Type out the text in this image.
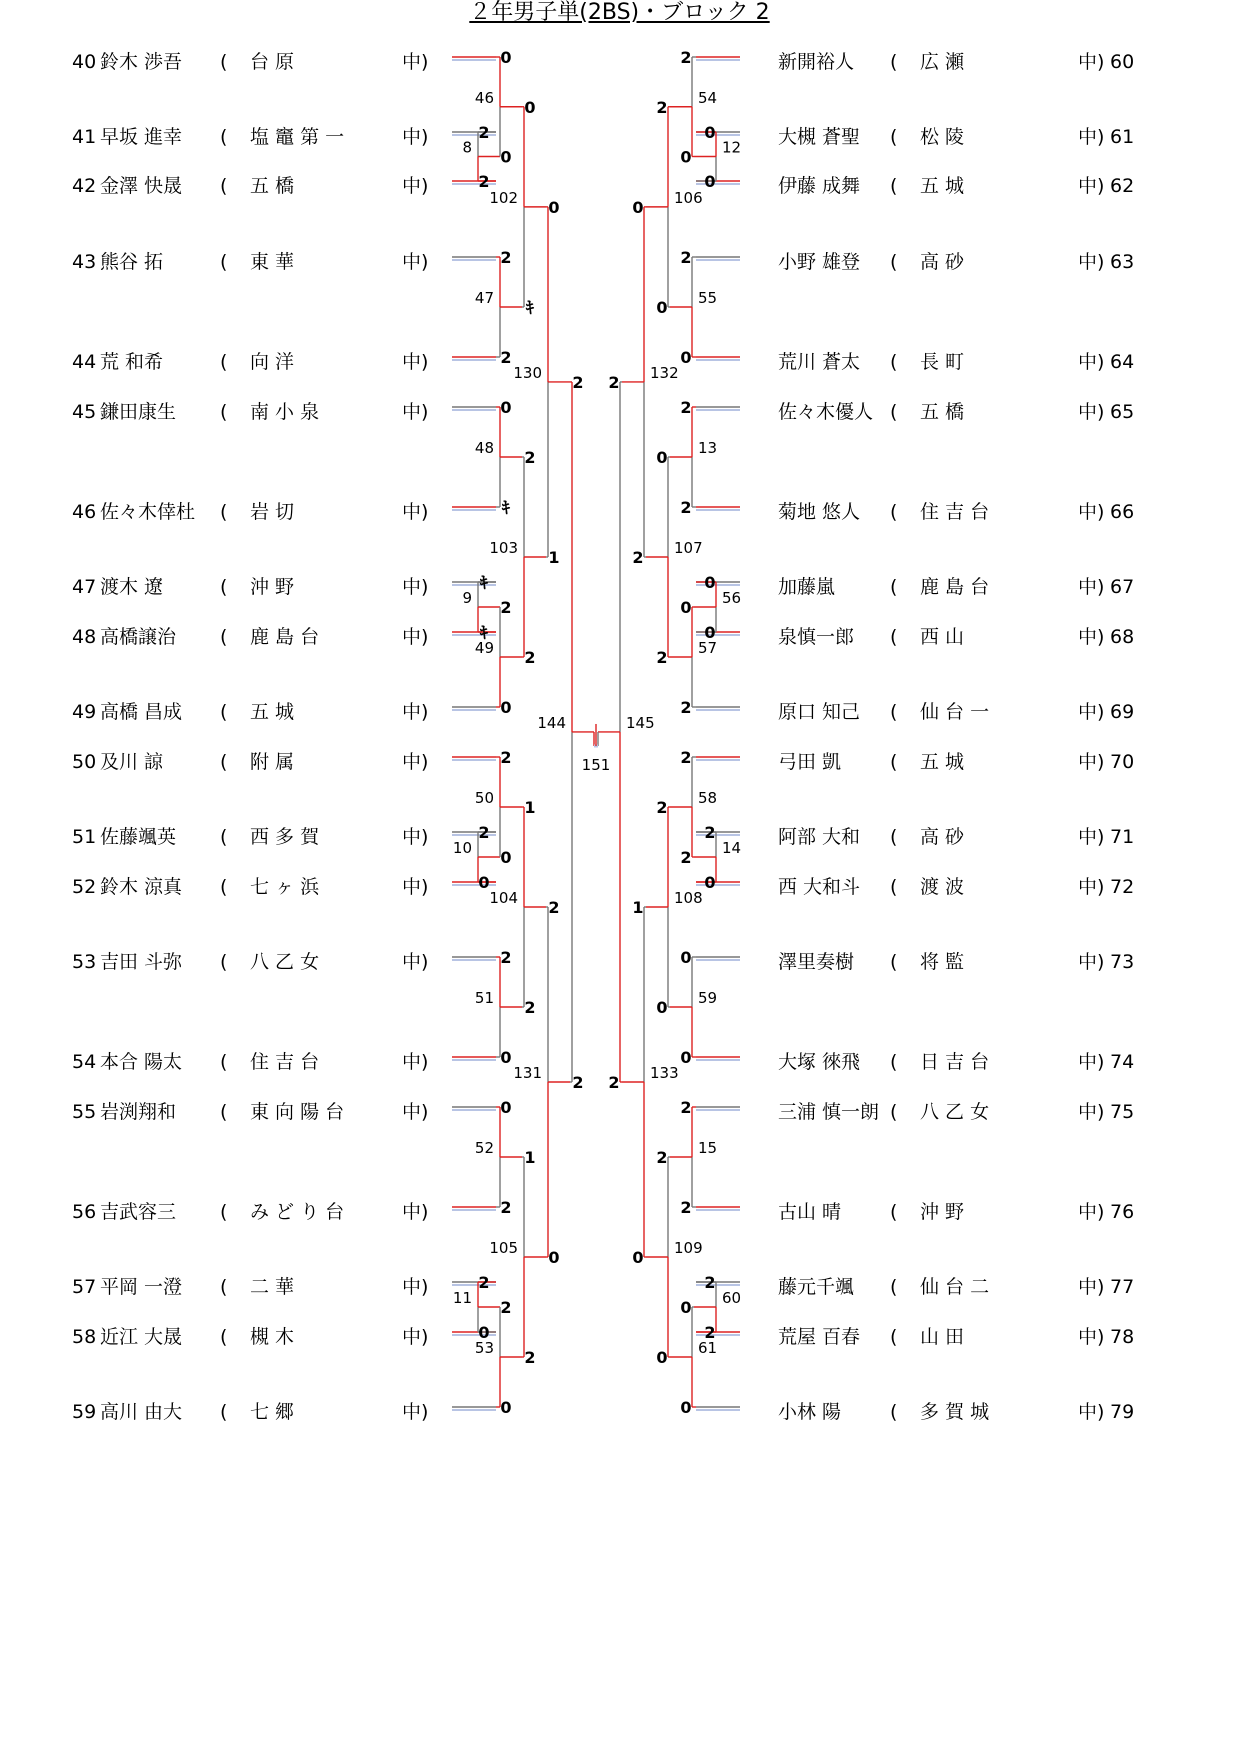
２年男子単(2BS)・ブロック 2
40 鈴木 渉吾 ( 台 原	中)
41 早坂 進幸 ( 塩 竈 第 一	中)
42 金澤 快晟 ( 五 橋	中)
43 熊谷 拓	( 東 華	中)
44 荒 和希	( 向 洋	中)
45 鎌田康生 ( 南 小 泉	中)
46 佐々木倖杜 ( 岩 切	中)
47 渡木 遼	( 沖 野	中)
48 高橋譲治 ( 鹿 島 台	中)
49 高橋 昌成 ( 五 城	中)
50 及川 諒	( 附 属	中)
51 佐藤颯英 ( 西 多 賀	中)
52 鈴木 涼真 ( 七 ヶ 浜	中)
53 吉田 斗弥 ( 八 乙 女	中)
54 本合 陽太 ( 住 吉 台	中)
55 岩渕翔和 ( 東 向 陽 台	中)
56 吉武容三 ( み ど り 台	中)
57 平岡 一澄 ( 二 華	中)
58 近江 大晟 ( 槻 木	中)
59 高川 由大 ( 七 郷	中)
新開裕人 ( 広 瀬	中) 60
大槻 蒼聖 ( 松 陵	中) 61
伊藤 成舞 ( 五 城	中) 62
小野 雄登 ( 高 砂	中) 63
荒川 蒼太 ( 長 町	中) 64
佐々木優人 ( 五 橋	中) 65
菊地 悠人 ( 住 吉 台	中) 66
加藤嵐	( 鹿 島 台	中) 67
泉慎一郎 ( 西 山	中) 68
原口 知己 ( 仙 台 一	中) 69
弓田 凱	( 五 城	中) 70
阿部 大和 ( 高 砂	中) 71
西 大和斗 ( 渡 波	中) 72
澤里奏樹 ( 将 監	中) 73
大塚 徠飛 ( 日 吉 台	中) 74
三浦 慎一朗 ( 八 乙 女	中) 75
古山 晴	( 沖 野	中) 76
藤元千颯 ( 仙 台 二	中) 77
荒屋 百春 ( 山 田	中) 78
小林 陽	( 多 賀 城	中) 79
8
2
2
46
0
0
47
2
2
102
0
ｷ
48
0
ｷ
9
ｷ
ｷ
49
2
0
103
2
2
130
0
1
10
2
0
50
2
0
51
2
0
104
1
2
52
0
2
11
2
0
53
2
0
105
1
2
131
2
0
144
2
2
12
0
0
54
2
0
55
2
0
106
2
0
13
2
2
56
0
0
57
0
2
107
0
2
132
0
2
14
2
0
58
2
2
59
0
0
108
2
0
15
2
2
60
2
2
61
0
0
109
2
0
133
1
0
145
2
2
151
